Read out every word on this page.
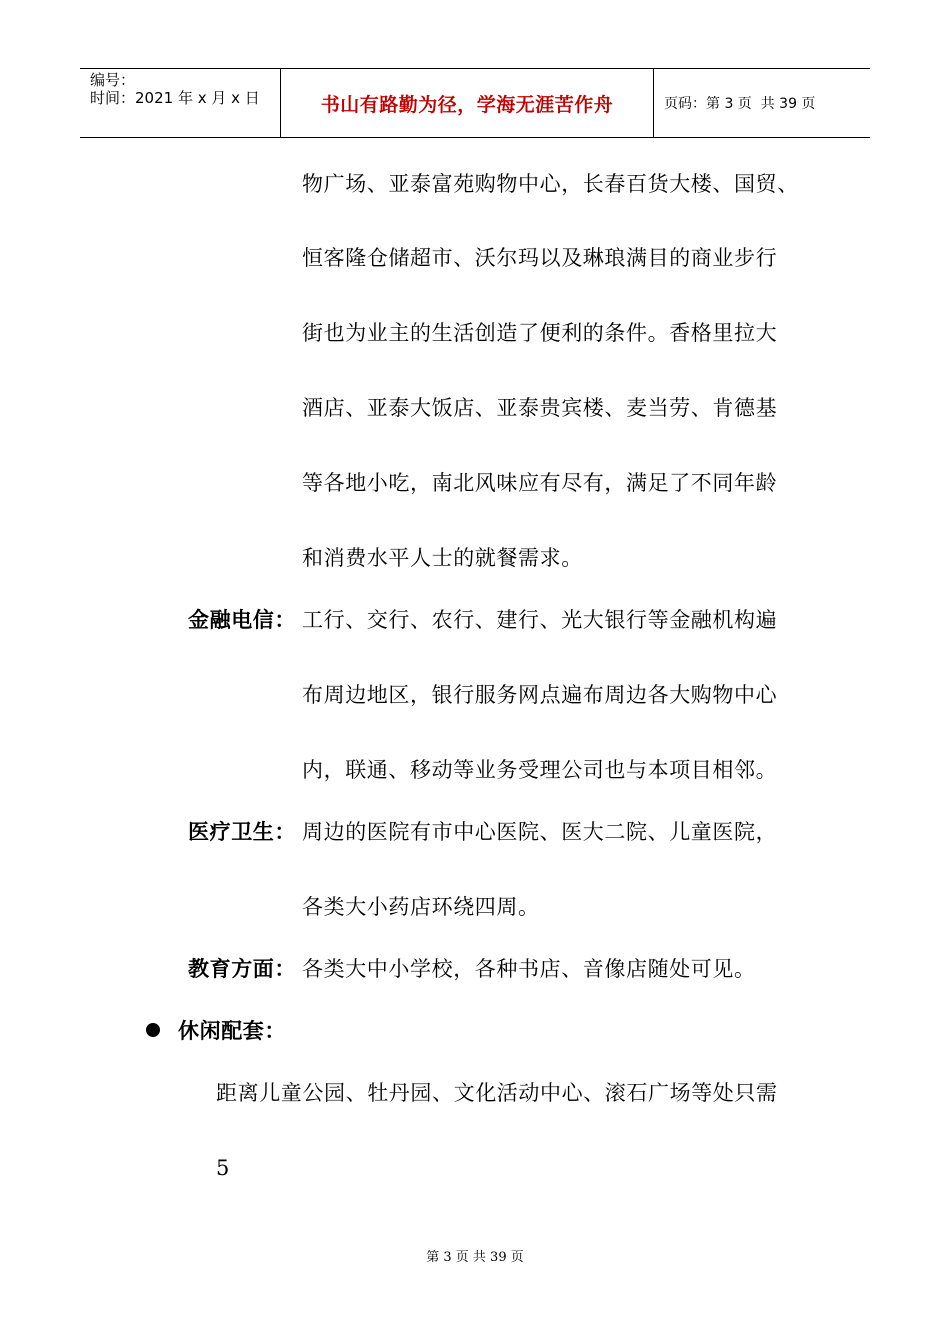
编号：
时间：2021 年 x 月 x 日	书山有路勤为径，学海无涯苦作舟	页码：第 3 页  共 39 页
物广场、亚泰富苑购物中心，长春百货大楼、国贸、
恒客隆仓储超市、沃尔玛以及琳琅满目的商业步行
街也为业主的生活创造了便利的条件。香格里拉大
酒店、亚泰大饭店、亚泰贵宾楼、麦当劳、肯德基
等各地小吃，南北风味应有尽有，满足了不同年龄
和消费水平人士的就餐需求。
金融电信： 工行、交行、农行、建行、光大银行等金融机构遍
布周边地区，银行服务网点遍布周边各大购物中心
内，联通、移动等业务受理公司也与本项目相邻。
医疗卫生： 周边的医院有市中心医院、医大二院、儿童医院，
各类大小药店环绕四周。
教育方面： 各类大中小学校，各种书店、音像店随处可见。
休闲配套：
距离儿童公园、牡丹园、文化活动中心、滚石广场等处只需
5
第 3 页 共 39 页
